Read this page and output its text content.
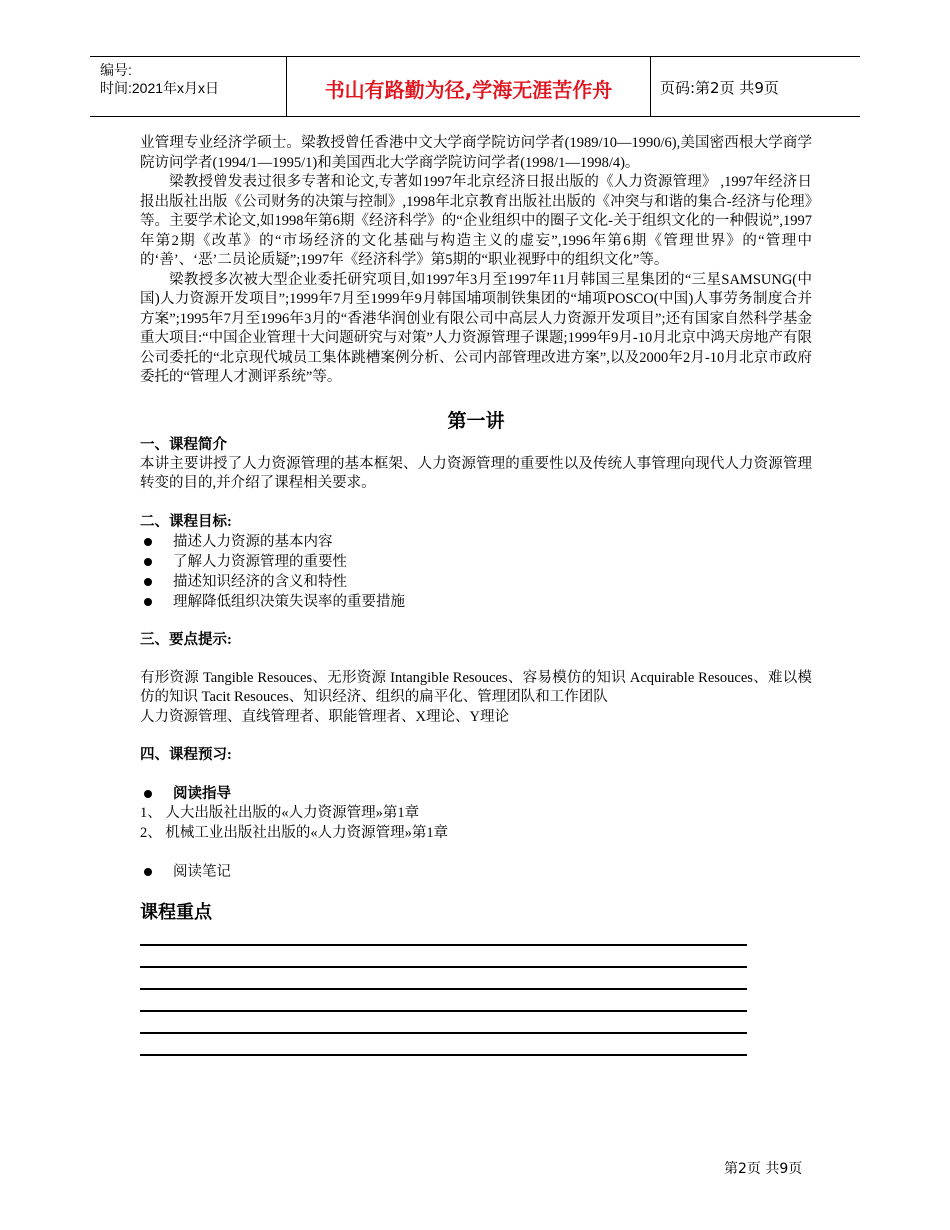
编号:
时间:2021年x月x日	书山有路勤为径,学海无涯苦作舟	页码:第2页 共9页

业管理专业经济学硕士。梁教授曾任香港中文大学商学院访问学者(1989/10—1990/6),美国密西根大学商学院访问学者(1994/1—1995/1)和美国西北大学商学院访问学者(1998/1—1998/4)。

梁教授曾发表过很多专著和论文,专著如1997年北京经济日报出版的《人力资源管理》 ,1997年经济日报出版社出版《公司财务的决策与控制》,1998年北京教育出版社出版的《冲突与和谐的集合-经济与伦理》等。主要学术论文,如1998年第6期《经济科学》的“企业组织中的圈子文化-关于组织文化的一种假说”,1997年第2期《改革》的“市场经济的文化基础与构造主义的虚妄”,1996年第6期《管理世界》的“管理中的‘善’、‘恶’二员论质疑”;1997年《经济科学》第5期的“职业视野中的组织文化”等。

梁教授多次被大型企业委托研究项目,如1997年3月至1997年11月韩国三星集团的“三星SAMSUNG(中国)人力资源开发项目”;1999年7月至1999年9月韩国埔项制铁集团的“埔项POSCO(中国)人事劳务制度合并方案”;1995年7月至1996年3月的“香港华润创业有限公司中高层人力资源开发项目”;还有国家自然科学基金重大项目:“中国企业管理十大问题研究与对策”人力资源管理子课题;1999年9月-10月北京中鸿天房地产有限公司委托的“北京现代城员工集体跳槽案例分析、公司内部管理改进方案”,以及2000年2月-10月北京市政府委托的“管理人才测评系统”等。

第一讲
一、课程简介

本讲主要讲授了人力资源管理的基本框架、人力资源管理的重要性以及传统人事管理向现代人力资源管理转变的目的,并介绍了课程相关要求。

二、课程目标:
描述人力资源的基本内容
了解人力资源管理的重要性
描述知识经济的含义和特性
理解降低组织决策失误率的重要措施
三、要点提示:

有形资源 Tangible Resouces、无形资源 Intangible Resouces、容易模仿的知识 Acquirable Resouces、难以模仿的知识 Tacit Resouces、知识经济、组织的扁平化、管理团队和工作团队

人力资源管理、直线管理者、职能管理者、X理论、Y理论

四、课程预习:
阅读指导

1、 人大出版社出版的«人力资源管理»第1章

2、 机械工业出版社出版的«人力资源管理»第1章

阅读笔记
课程重点
第2页 共9页
